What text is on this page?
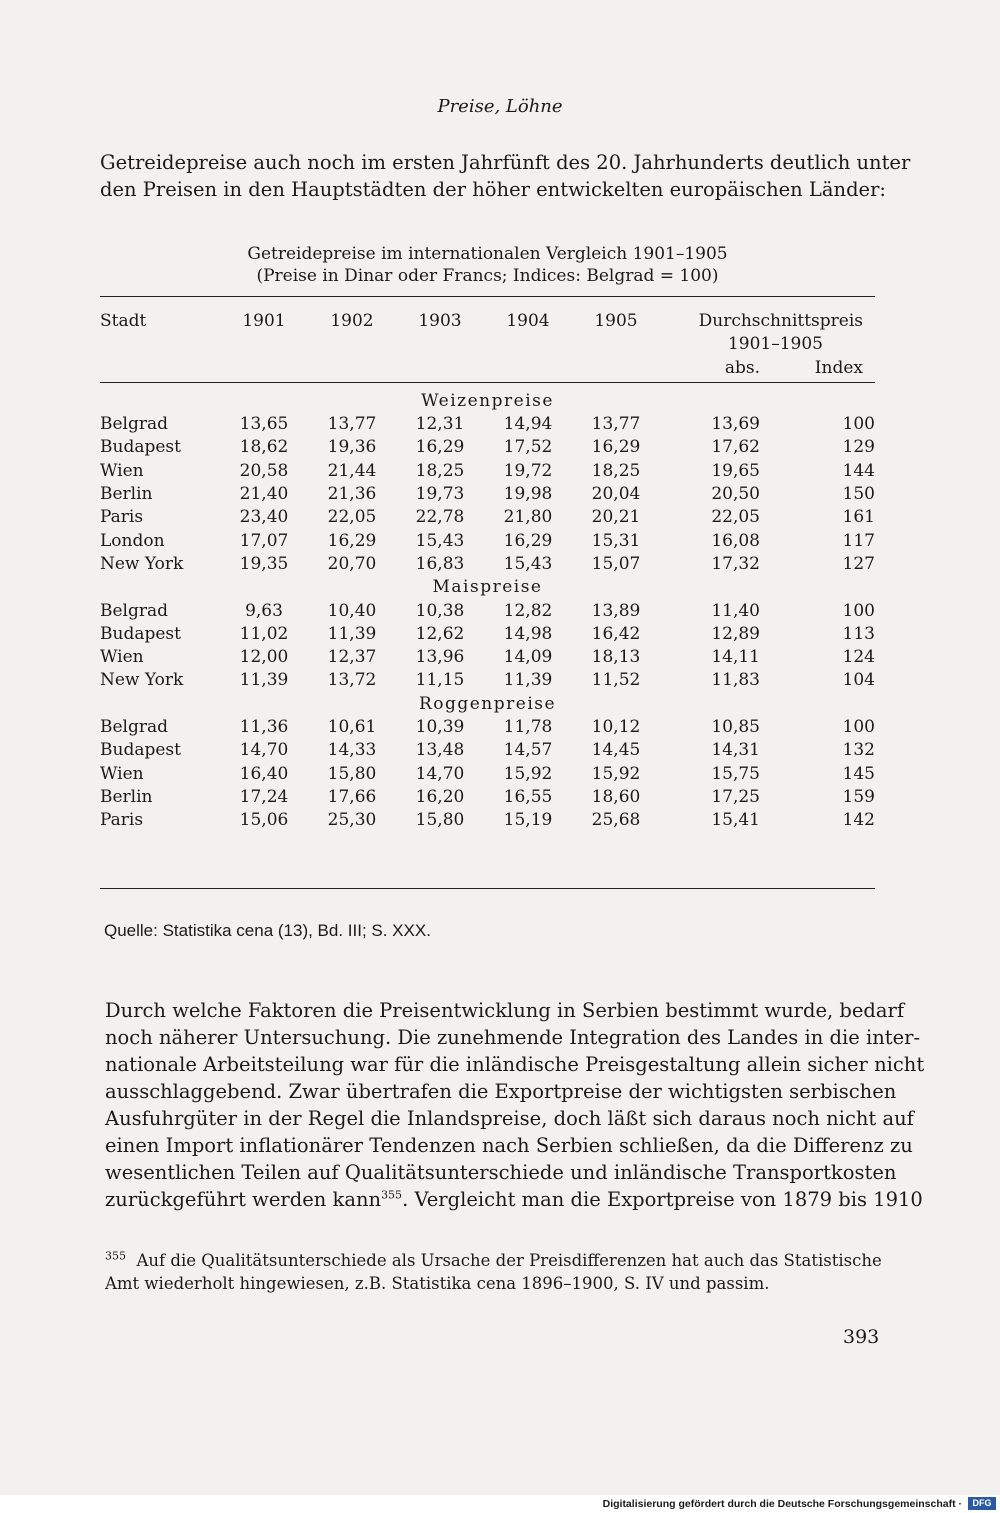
Preise, Löhne
Getreidepreise auch noch im ersten Jahrfünft des 20. Jahrhunderts deutlich unter
den Preisen in den Hauptstädten der höher entwickelten europäischen Länder:
Getreidepreise im internationalen Vergleich 1901–1905
(Preise in Dinar oder Francs; Indices: Belgrad = 100)
Stadt	1901	1902	1903	1904	1905	Durchschnittspreis	
						1901–1905	
						abs.	Index

Weizenpreise							
Belgrad	13,65	13,77	12,31	14,94	13,77	13,69	100
Budapest	18,62	19,36	16,29	17,52	16,29	17,62	129
Wien	20,58	21,44	18,25	19,72	18,25	19,65	144
Berlin	21,40	21,36	19,73	19,98	20,04	20,50	150
Paris	23,40	22,05	22,78	21,80	20,21	22,05	161
London	17,07	16,29	15,43	16,29	15,31	16,08	117
New York	19,35	20,70	16,83	15,43	15,07	17,32	127
Maispreise							
Belgrad	9,63	10,40	10,38	12,82	13,89	11,40	100
Budapest	11,02	11,39	12,62	14,98	16,42	12,89	113
Wien	12,00	12,37	13,96	14,09	18,13	14,11	124
New York	11,39	13,72	11,15	11,39	11,52	11,83	104
Roggenpreise							
Belgrad	11,36	10,61	10,39	11,78	10,12	10,85	100
Budapest	14,70	14,33	13,48	14,57	14,45	14,31	132
Wien	16,40	15,80	14,70	15,92	15,92	15,75	145
Berlin	17,24	17,66	16,20	16,55	18,60	17,25	159
Paris	15,06	25,30	15,80	15,19	25,68	15,41	142
Quelle: Statistika cena (13), Bd. III; S. XXX.
Durch welche Faktoren die Preisentwicklung in Serbien bestimmt wurde, bedarf
noch näherer Untersuchung. Die zunehmende Integration des Landes in die inter-
nationale Arbeitsteilung war für die inländische Preisgestaltung allein sicher nicht
ausschlaggebend. Zwar übertrafen die Exportpreise der wichtigsten serbischen
Ausfuhrgüter in der Regel die Inlandspreise, doch läßt sich daraus noch nicht auf
einen Import inflationärer Tendenzen nach Serbien schließen, da die Differenz zu
wesentlichen Teilen auf Qualitätsunterschiede und inländische Transportkosten
zurückgeführt werden kann$^{355}$. Vergleicht man die Exportpreise von 1879 bis 1910
$^{355}$ Auf die Qualitätsunterschiede als Ursache der Preisdifferenzen hat auch das Statistische
Amt wiederholt hingewiesen, z.B. Statistika cena 1896–1900, S. IV und passim.
393
Digitalisierung gefördert durch die Deutsche Forschungsgemeinschaft ·	DFG
